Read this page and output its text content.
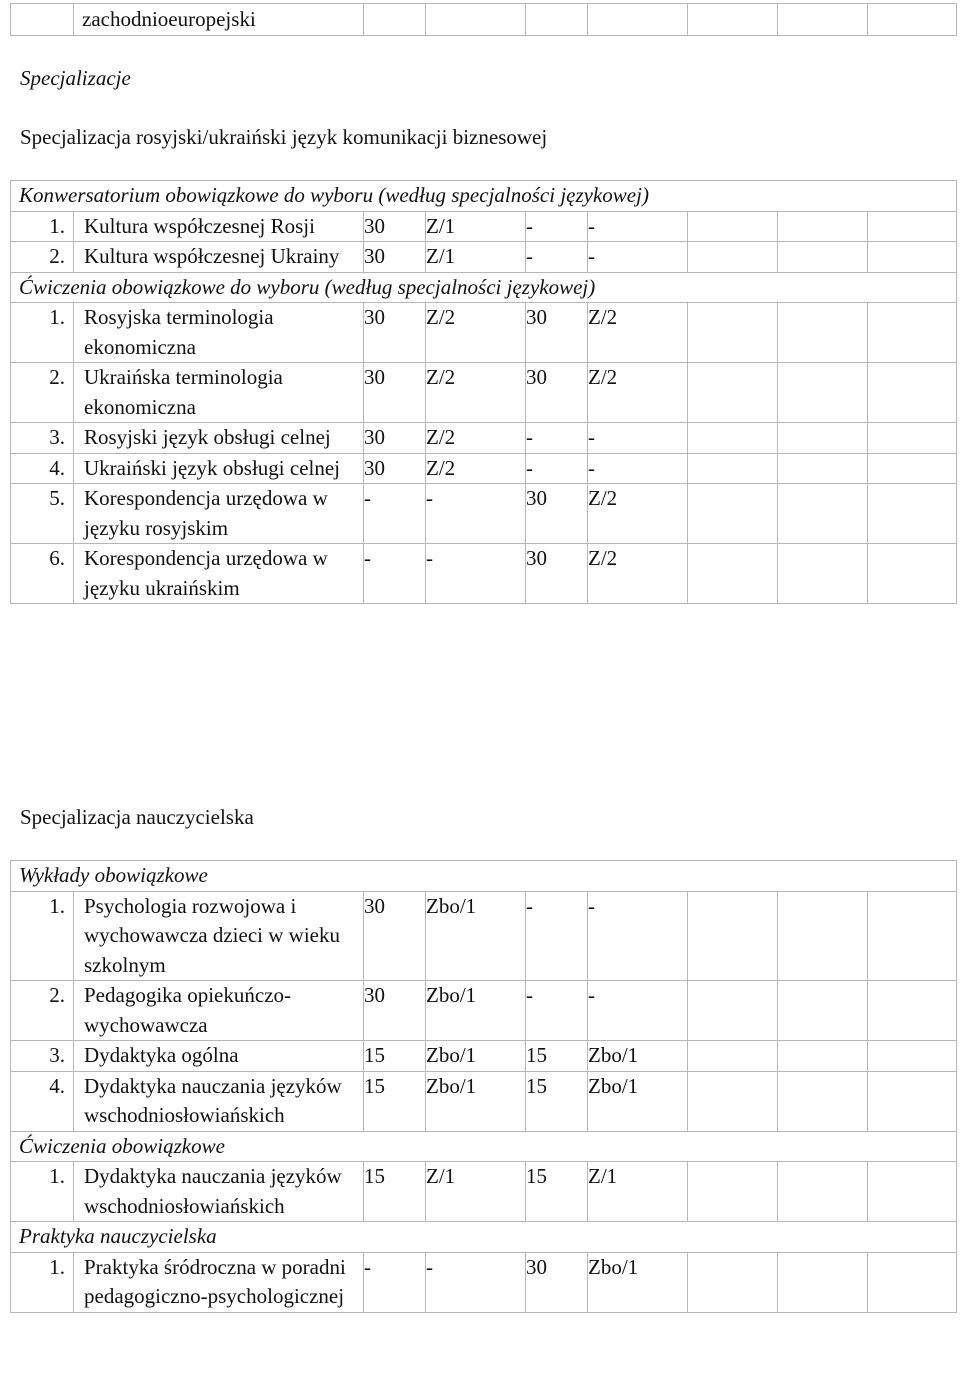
	zachodnioeuropejski							
Specjalizacje
Specjalizacja rosyjski/ukraiński język komunikacji biznesowej
Konwersatorium obowiązkowe do wyboru (według specjalności językowej)								
1.	Kultura współczesnej Rosji	30	Z/1	-	-			
2.	Kultura współczesnej Ukrainy	30	Z/1	-	-			
Ćwiczenia obowiązkowe do wyboru (według specjalności językowej)								
1.	Rosyjska terminologia ekonomiczna	30	Z/2	30	Z/2			
2.	Ukraińska terminologia ekonomiczna	30	Z/2	30	Z/2			
3.	Rosyjski język obsługi celnej	30	Z/2	-	-			
4.	Ukraiński język obsługi celnej	30	Z/2	-	-			
5.	Korespondencja urzędowa w języku rosyjskim	-	-	30	Z/2			
6.	Korespondencja urzędowa w języku ukraińskim	-	-	30	Z/2			
Specjalizacja nauczycielska
Wykłady obowiązkowe								
1.	Psychologia rozwojowa i wychowawcza dzieci w wieku szkolnym	30	Zbo/1	-	-			
2.	Pedagogika opiekuńczo-wychowawcza	30	Zbo/1	-	-			
3.	Dydaktyka ogólna	15	Zbo/1	15	Zbo/1			
4.	Dydaktyka nauczania języków wschodniosłowiańskich	15	Zbo/1	15	Zbo/1			
Ćwiczenia obowiązkowe								
1.	Dydaktyka nauczania języków wschodniosłowiańskich	15	Z/1	15	Z/1			
Praktyka nauczycielska								
1.	Praktyka śródroczna w poradni pedagogiczno-psychologicznej	-	-	30	Zbo/1			
